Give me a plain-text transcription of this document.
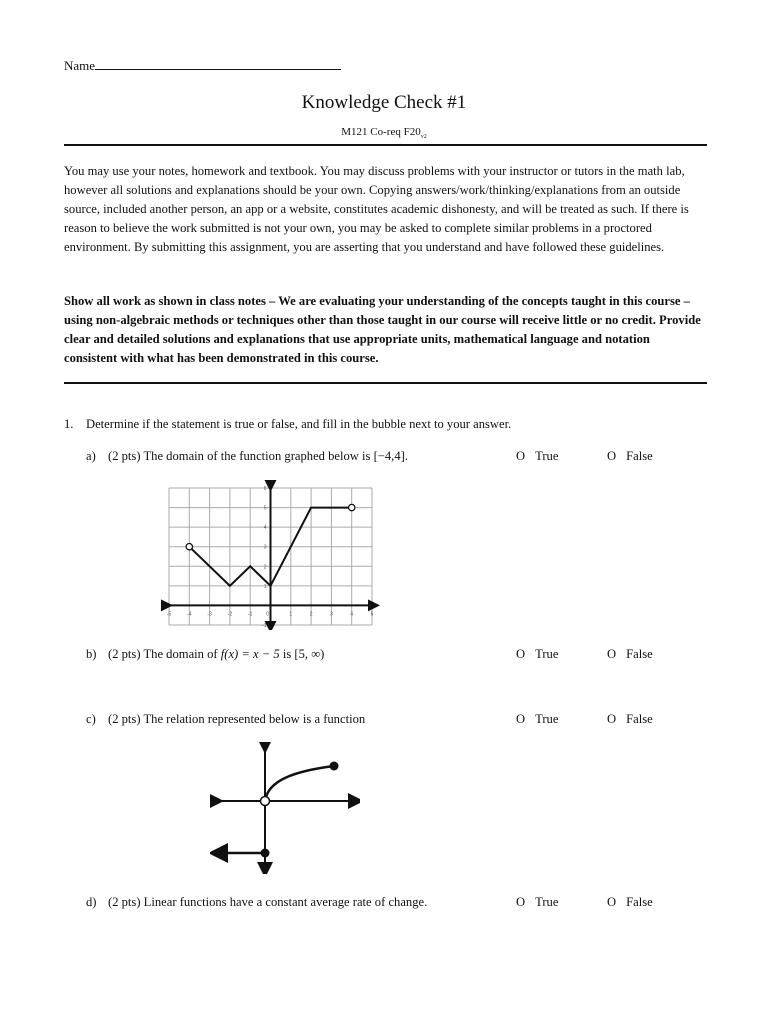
Name
Knowledge Check #1
M121 Co-req $F20_{v2}$
You may use your notes, homework and textbook. You may discuss problems with your instructor or tutors in the math lab, however all solutions and explanations should be your own. Copying answers/work/thinking/explanations from an outside source, included another person, an app or a website, constitutes academic dishonesty, and will be treated as such. If there is reason to believe the work submitted is not your own, you may be asked to complete similar problems in a proctored environment. By submitting this assignment, you are asserting that you understand and have followed these guidelines.
Show all work as shown in class notes – We are evaluating your understanding of the concepts taught in this course – using non-algebraic methods or techniques other than those taught in our course will receive little or no credit. Provide clear and detailed solutions and explanations that use appropriate units, mathematical language and notation consistent with what has been demonstrated in this course.
1. Determine if the statement is true or false, and fill in the bubble next to your answer.
a) (2 pts) The domain of the function graphed below is [−4,4].	O True	O False
-5	-4	-3	-2	-1	0	1	2	3	4	5
-1
1
2
3
4
5
6
b) (2 pts) The domain of f(x) = x − 5 is [5, ∞)	O True	O False
c) (2 pts) The relation represented below is a function	O True	O False
d) (2 pts) Linear functions have a constant average rate of change.	O True	O False
